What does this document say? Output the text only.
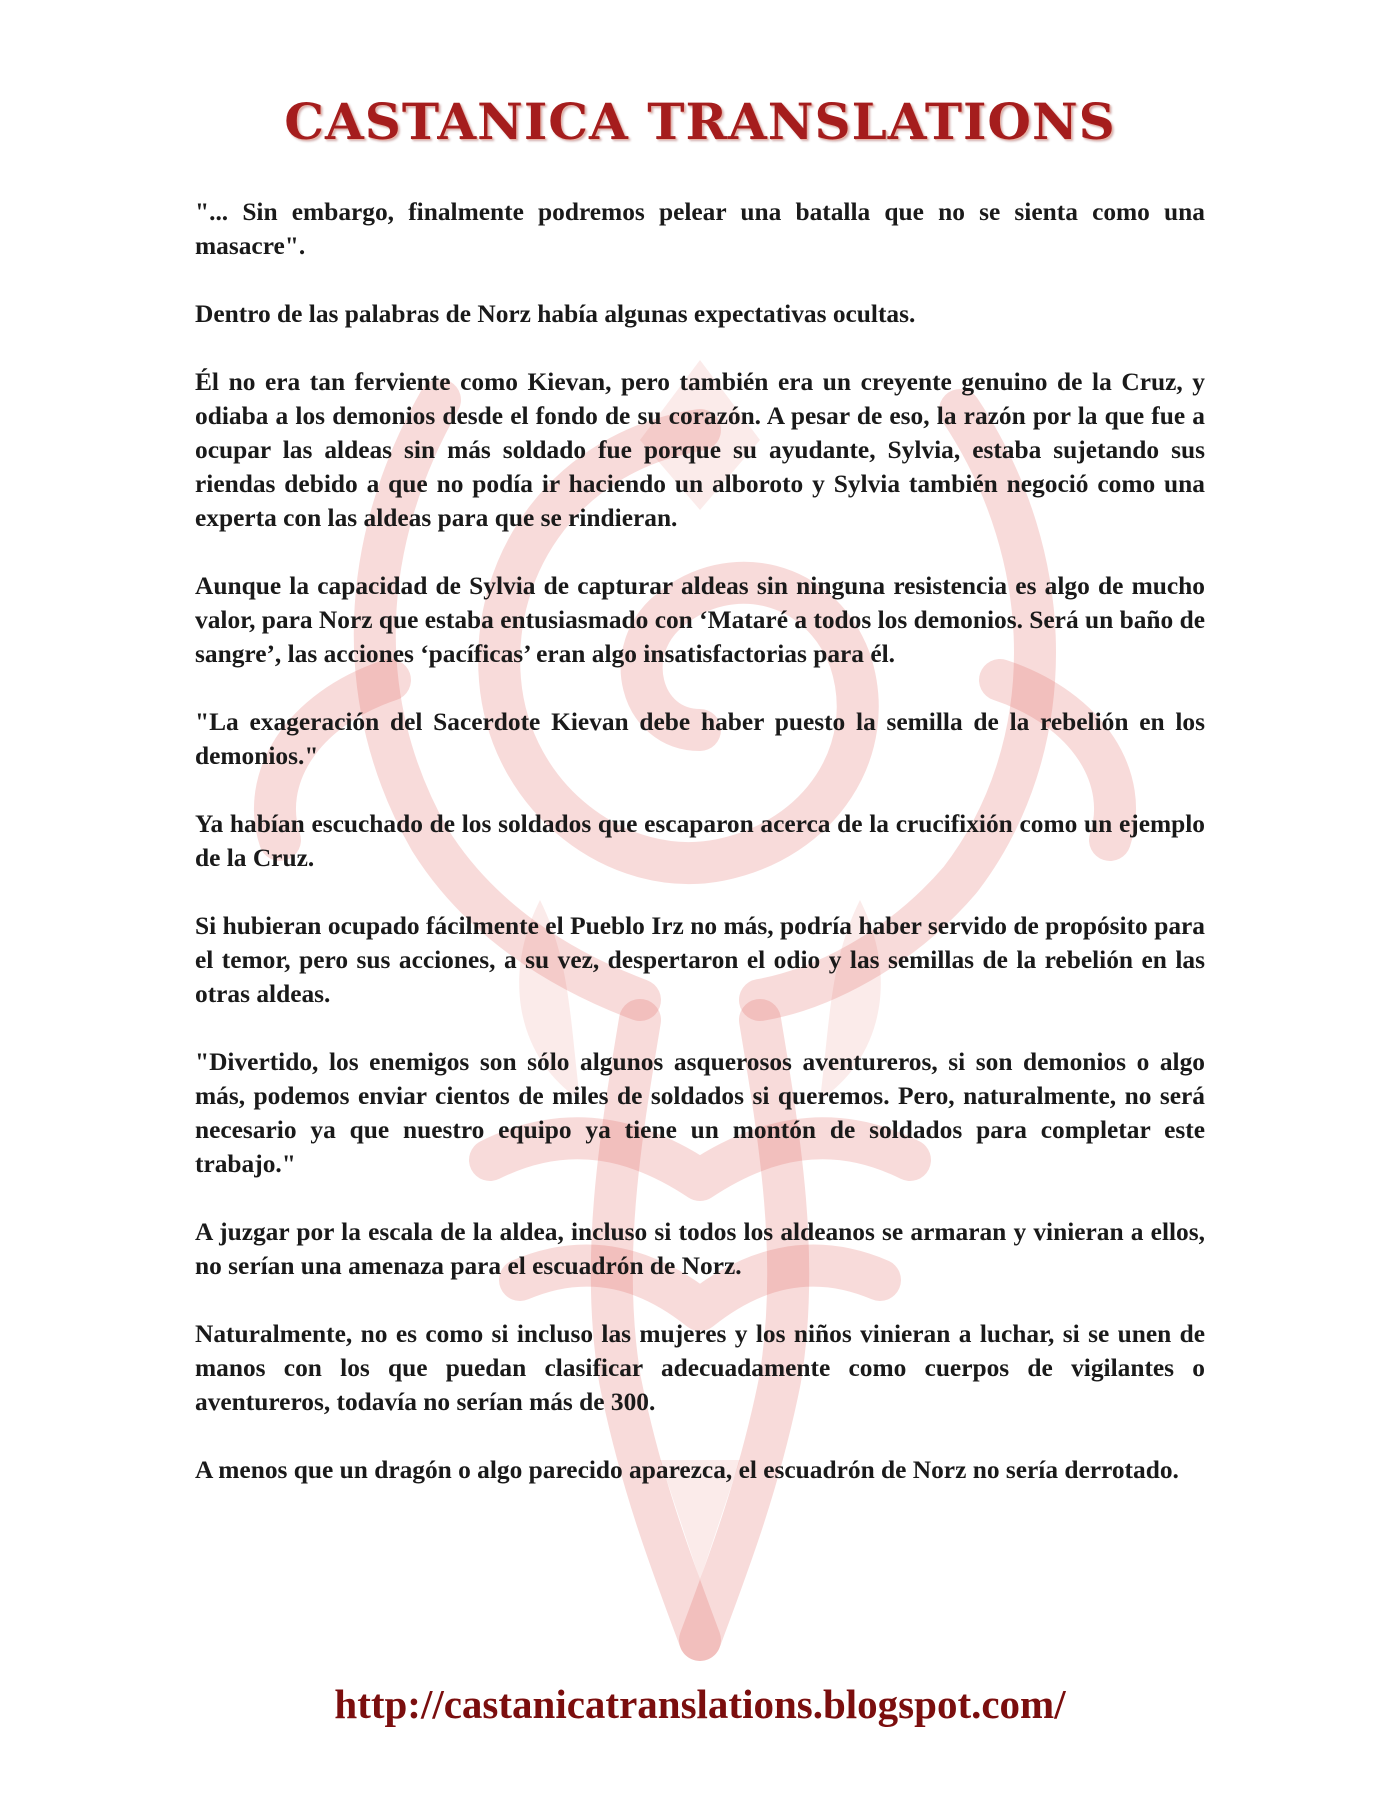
CASTANICA TRANSLATIONS

"... Sin embargo, finalmente podremos pelear una batalla que no se sienta como una masacre".

Dentro de las palabras de Norz había algunas expectativas ocultas.

Él no era tan ferviente como Kievan, pero también era un creyente genuino de la Cruz, y odiaba a los demonios desde el fondo de su corazón. A pesar de eso, la razón por la que fue a ocupar las aldeas sin más soldado fue porque su ayudante, Sylvia, estaba sujetando sus riendas debido a que no podía ir haciendo un alboroto y Sylvia también negoció como una experta con las aldeas para que se rindieran.

Aunque la capacidad de Sylvia de capturar aldeas sin ninguna resistencia es algo de mucho valor, para Norz que estaba entusiasmado con ‘Mataré a todos los demonios. Será un baño de sangre’, las acciones ‘pacíficas’ eran algo insatisfactorias para él.

"La exageración del Sacerdote Kievan debe haber puesto la semilla de la rebelión en los demonios."

Ya habían escuchado de los soldados que escaparon acerca de la crucifixión como un ejemplo de la Cruz.

Si hubieran ocupado fácilmente el Pueblo Irz no más, podría haber servido de propósito para el temor, pero sus acciones, a su vez, despertaron el odio y las semillas de la rebelión en las otras aldeas.

"Divertido, los enemigos son sólo algunos asquerosos aventureros, si son demonios o algo más, podemos enviar cientos de miles de soldados si queremos. Pero, naturalmente, no será necesario ya que nuestro equipo ya tiene un montón de soldados para completar este trabajo."

A juzgar por la escala de la aldea, incluso si todos los aldeanos se armaran y vinieran a ellos, no serían una amenaza para el escuadrón de Norz.

Naturalmente, no es como si incluso las mujeres y los niños vinieran a luchar, si se unen de manos con los que puedan clasificar adecuadamente como cuerpos de vigilantes o aventureros, todavía no serían más de 300.

A menos que un dragón o algo parecido aparezca, el escuadrón de Norz no sería derrotado.

http://castanicatranslations.blogspot.com/
